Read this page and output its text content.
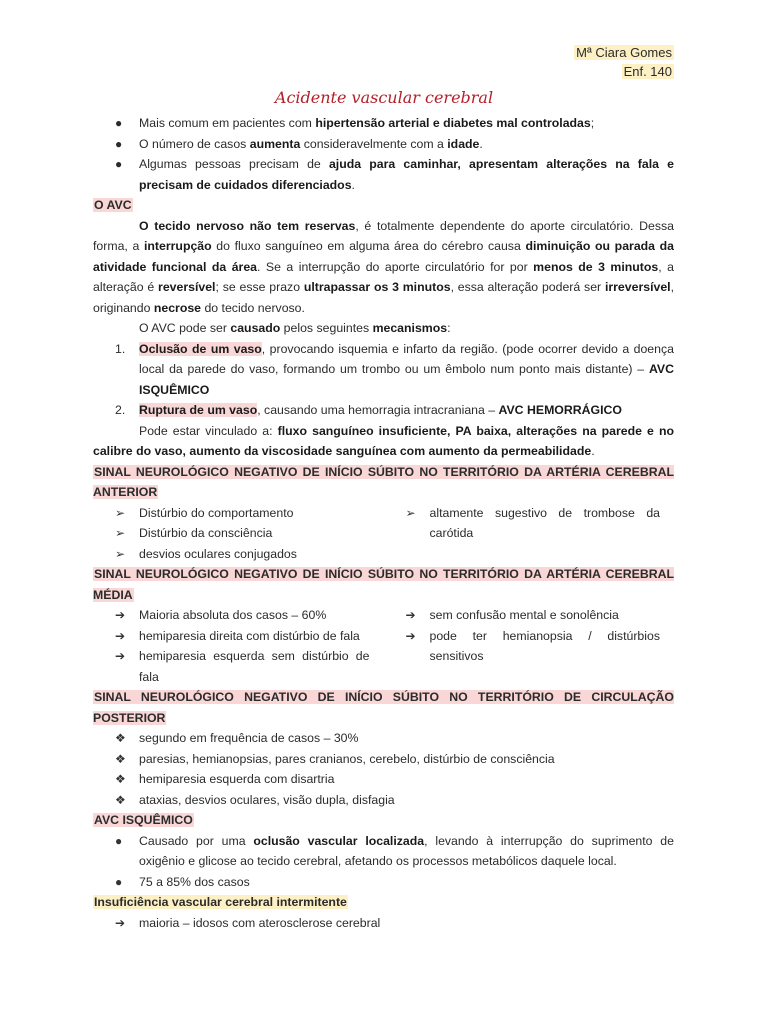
Mª Ciara Gomes
Enf. 140
Acidente vascular cerebral
● Mais comum em pacientes com hipertensão arterial e diabetes mal controladas;
● O número de casos aumenta consideravelmente com a idade.
● Algumas pessoas precisam de ajuda para caminhar, apresentam alterações na fala e precisam de cuidados diferenciados.

O AVC

O tecido nervoso não tem reservas, é totalmente dependente do aporte circulatório. Dessa forma, a interrupção do fluxo sanguíneo em alguma área do cérebro causa diminuição ou parada da atividade funcional da área. Se a interrupção do aporte circulatório for por menos de 3 minutos, a alteração é reversível; se esse prazo ultrapassar os 3 minutos, essa alteração poderá ser irreversível, originando necrose do tecido nervoso.

O AVC pode ser causado pelos seguintes mecanismos:

1. Oclusão de um vaso, provocando isquemia e infarto da região. (pode ocorrer devido a doença local da parede do vaso, formando um trombo ou um êmbolo num ponto mais distante) – AVC ISQUÊMICO
2. Ruptura de um vaso, causando uma hemorragia intracraniana – AVC HEMORRÁGICO

Pode estar vinculado a: fluxo sanguíneo insuficiente, PA baixa, alterações na parede e no calibre do vaso, aumento da viscosidade sanguínea com aumento da permeabilidade.

SINAL NEUROLÓGICO NEGATIVO DE INÍCIO SÚBITO NO TERRITÓRIO DA ARTÉRIA CEREBRAL ANTERIOR

➢ Distúrbio do comportamento
➢ Distúrbio da consciência
➢ desvios oculares conjugados
➢ altamente sugestivo de trombose da carótida

SINAL NEUROLÓGICO NEGATIVO DE INÍCIO SÚBITO NO TERRITÓRIO DA ARTÉRIA CEREBRAL MÉDIA

➔ Maioria absoluta dos casos – 60%
➔ hemiparesia direita com distúrbio de fala
➔ hemiparesia esquerda sem distúrbio de fala
➔ sem confusão mental e sonolência
➔ pode ter hemianopsia / distúrbios sensitivos

SINAL NEUROLÓGICO NEGATIVO DE INÍCIO SÚBITO NO TERRITÓRIO DE CIRCULAÇÃO POSTERIOR

❖ segundo em frequência de casos – 30%
❖ paresias, hemianopsias, pares cranianos, cerebelo, distúrbio de consciência
❖ hemiparesia esquerda com disartria
❖ ataxias, desvios oculares, visão dupla, disfagia

AVC ISQUÊMICO

● Causado por uma oclusão vascular localizada, levando à interrupção do suprimento de oxigênio e glicose ao tecido cerebral, afetando os processos metabólicos daquele local.
● 75 a 85% dos casos

Insuficiência vascular cerebral intermitente

➔ maioria – idosos com aterosclerose cerebral
